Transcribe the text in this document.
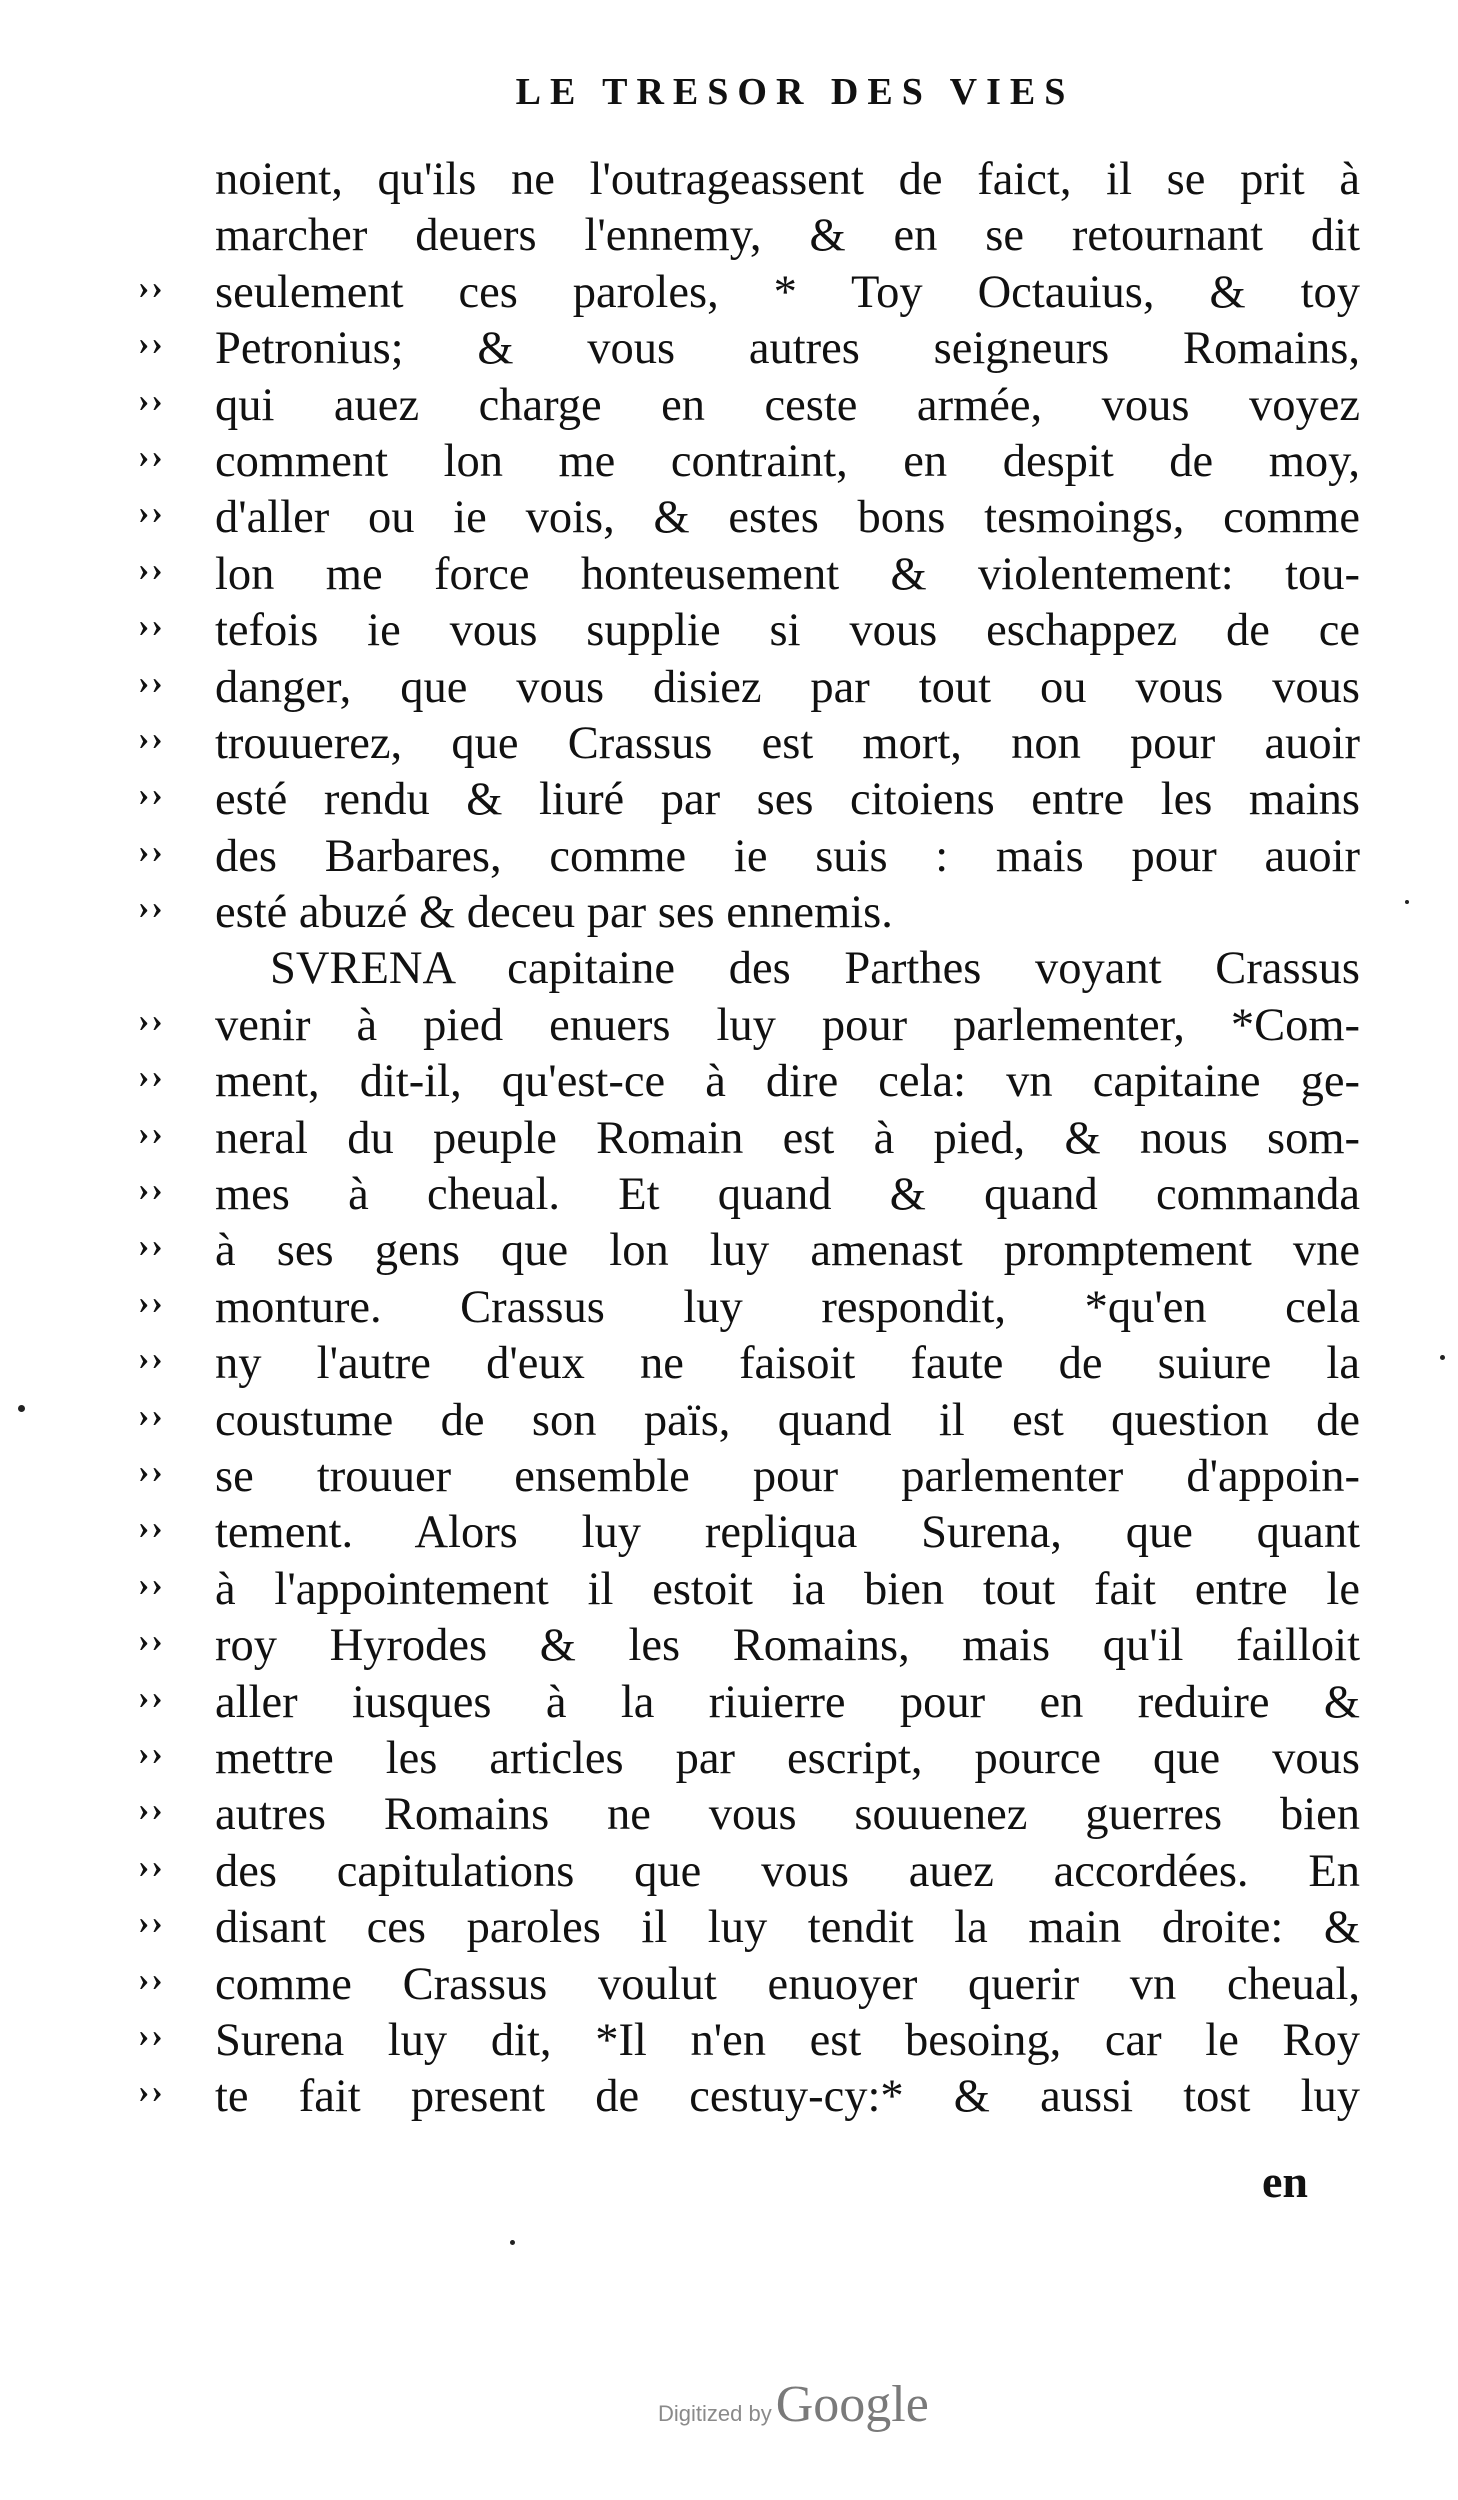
LE TRESOR DES VIES
noient, qu'ils ne l'outrageassent de faict, il se prit à
marcher deuers l'ennemy, & en se retournant dit
››	seulement ces paroles, * Toy Octauius, & toy
››	Petronius; & vous autres seigneurs Romains,
››	qui auez charge en ceste armée, vous voyez
››	comment lon me contraint, en despit de moy,
››	d'aller ou ie vois, & estes bons tesmoings, comme
››	lon me force honteusement & violentement: tou-
››	tefois ie vous supplie si vous eschappez de ce
››	danger, que vous disiez par tout ou vous vous
››	trouuerez, que Crassus est mort, non pour auoir
››	esté rendu & liuré par ses citoiens entre les mains
››	des Barbares, comme ie suis : mais pour auoir
››	esté abuzé & deceu par ses ennemis.
SVRENA capitaine des Parthes voyant Crassus
››	venir à pied enuers luy pour parlementer, *Com-
››	ment, dit-il, qu'est-ce à dire cela: vn capitaine ge-
››	neral du peuple Romain est à pied, & nous som-
››	mes à cheual. Et quand & quand commanda
››	à ses gens que lon luy amenast promptement vne
››	monture. Crassus luy respondit, *qu'en cela
››	ny l'autre d'eux ne faisoit faute de suiure la
››	coustume de son païs, quand il est question de
››	se trouuer ensemble pour parlementer d'appoin-
››	tement. Alors luy repliqua Surena, que quant
››	à l'appointement il estoit ia bien tout fait entre le
››	roy Hyrodes & les Romains, mais qu'il failloit
››	aller iusques à la riuierre pour en reduire &
››	mettre les articles par escript, pource que vous
››	autres Romains ne vous souuenez guerres bien
››	des capitulations que vous auez accordées. En
››	disant ces paroles il luy tendit la main droite: &
››	comme Crassus voulut enuoyer querir vn cheual,
››	Surena luy dit, *Il n'en est besoing, car le Roy
››	te fait present de cestuy-cy:* & aussi tost luy
en
Digitized by Google
